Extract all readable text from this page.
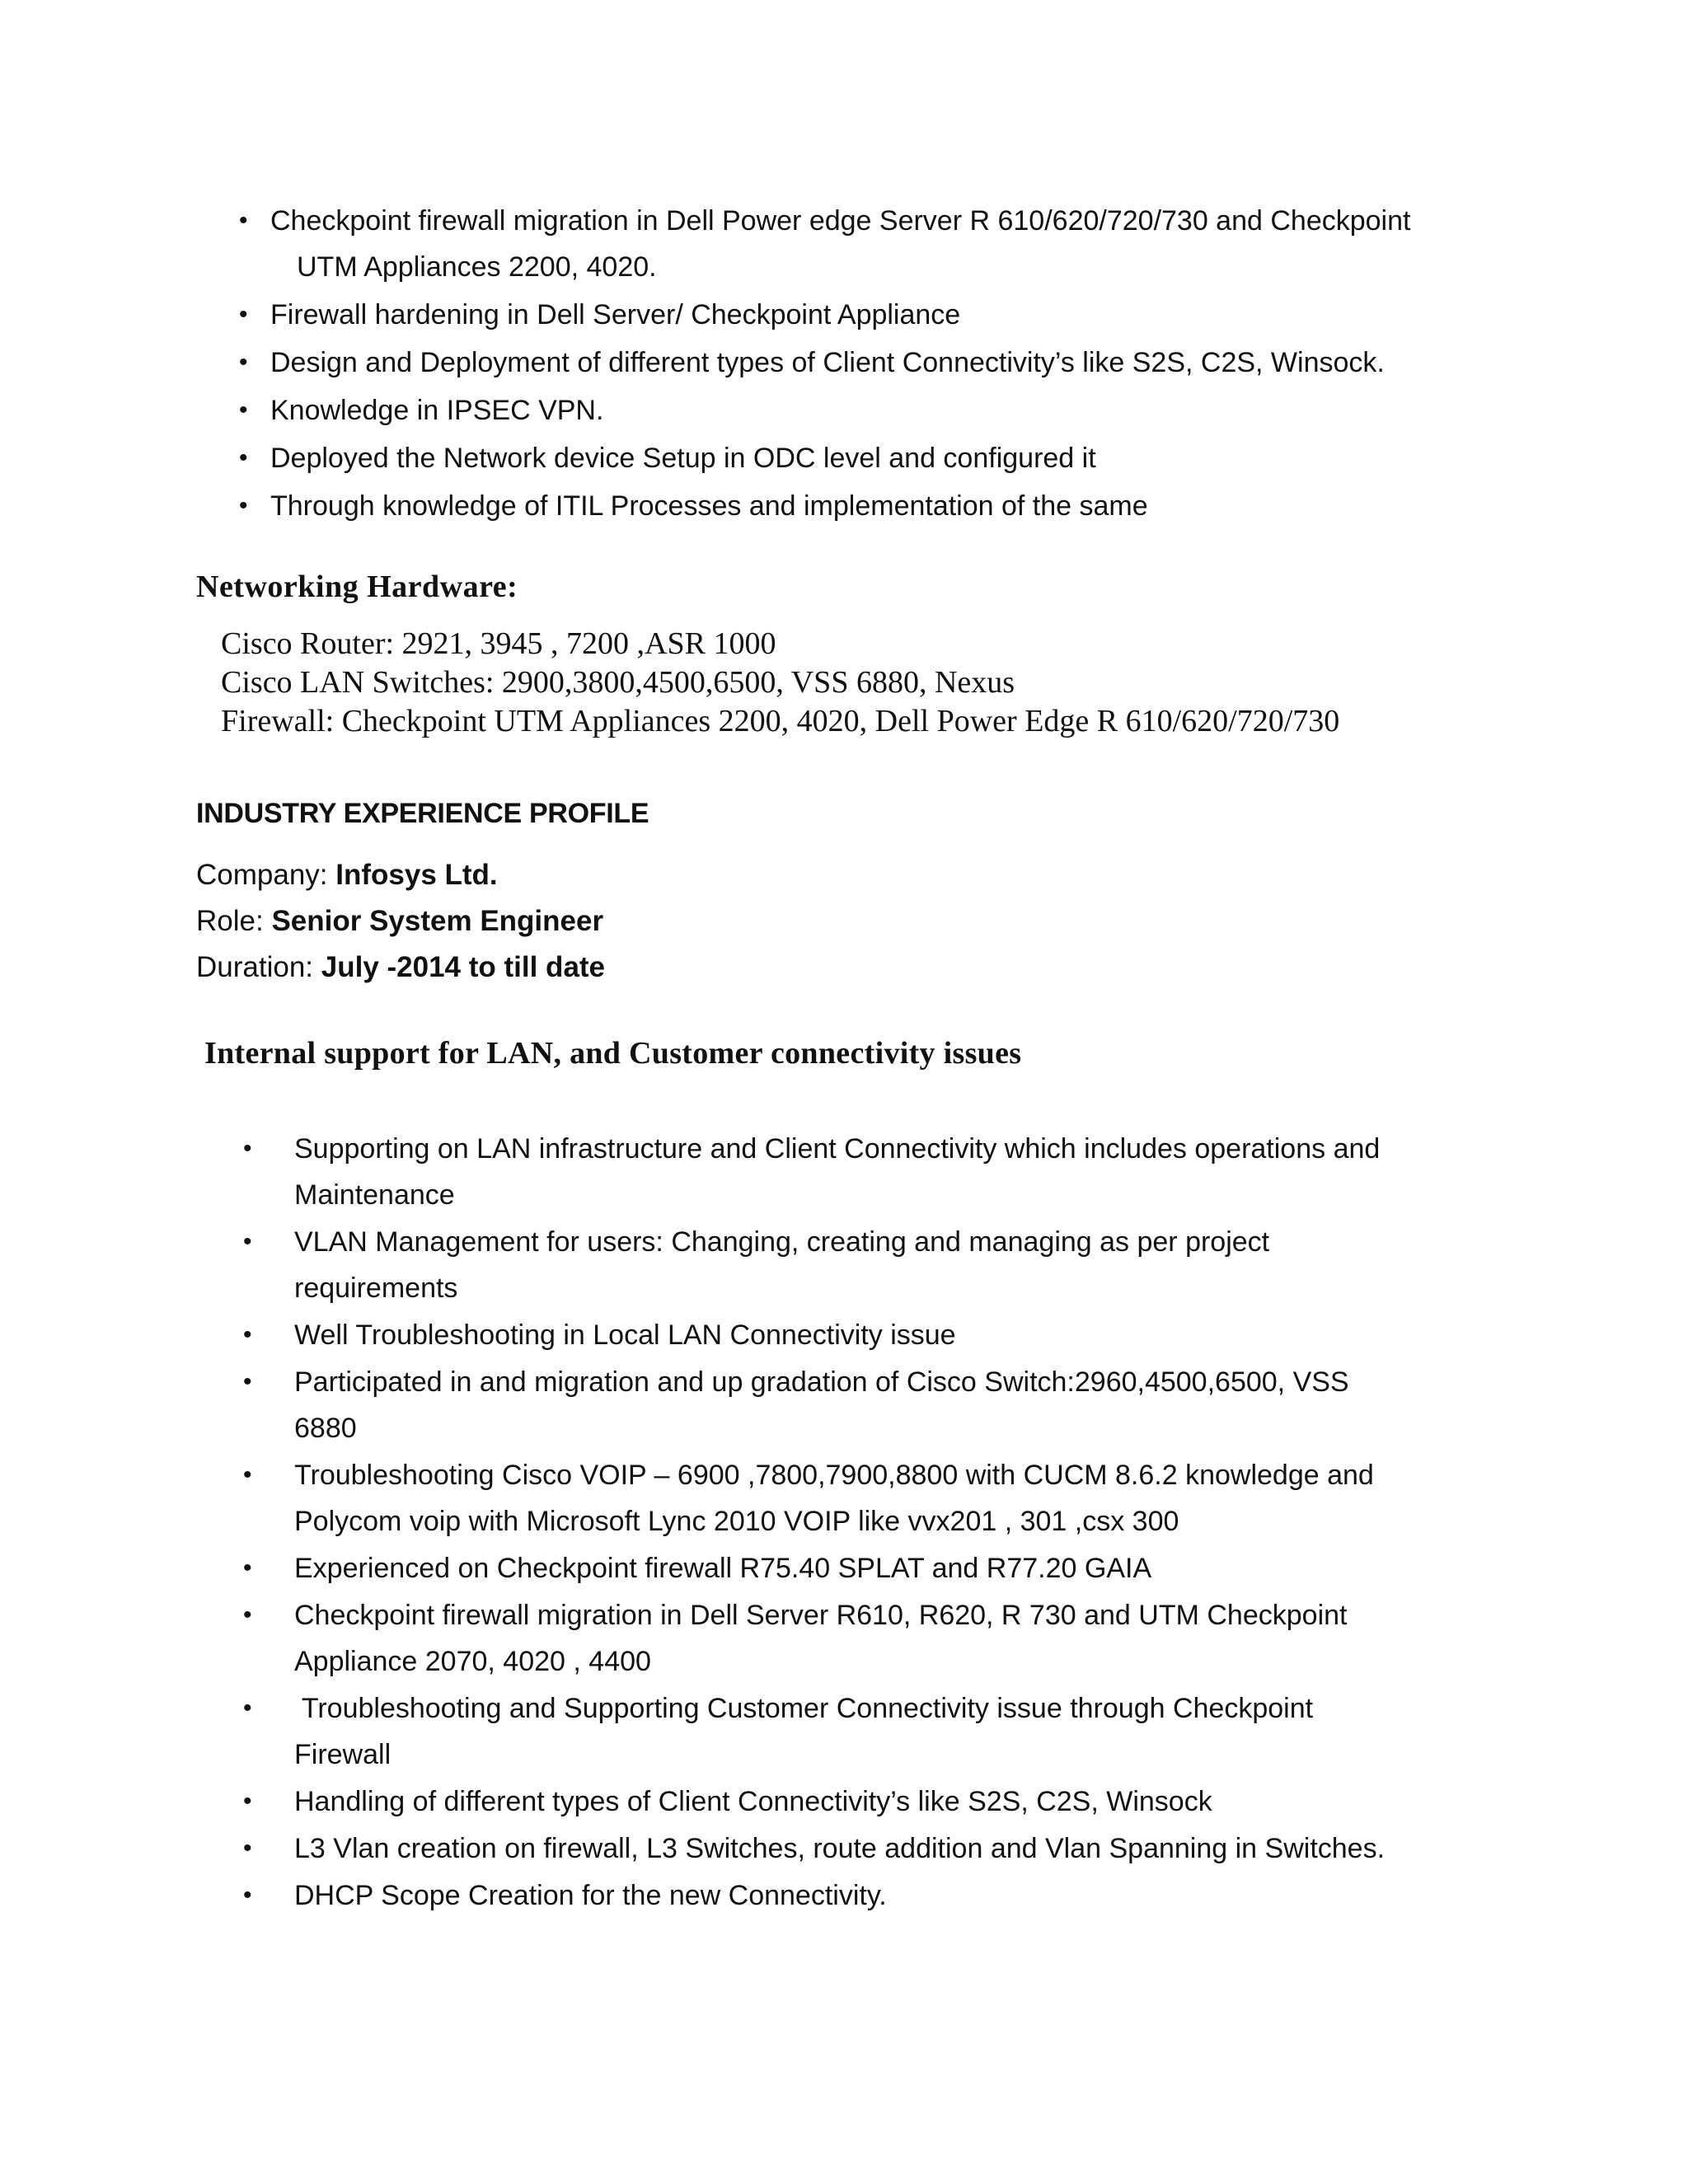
• Checkpoint firewall migration in Dell Power edge Server R 610/620/720/730 and Checkpoint
UTM Appliances 2200, 4020.
• Firewall hardening in Dell Server/ Checkpoint Appliance
• Design and Deployment of different types of Client Connectivity’s like S2S, C2S, Winsock.
• Knowledge in IPSEC VPN.
• Deployed the Network device Setup in ODC level and configured it
• Through knowledge of ITIL Processes and implementation of the same
Networking Hardware:
Cisco Router: 2921, 3945 , 7200 ,ASR 1000
Cisco LAN Switches: 2900,3800,4500,6500, VSS 6880, Nexus
Firewall: Checkpoint UTM Appliances 2200, 4020, Dell Power Edge R 610/620/720/730
INDUSTRY EXPERIENCE PROFILE
Company: Infosys Ltd.
Role: Senior System Engineer
Duration: July -2014 to till date
Internal support for LAN, and Customer connectivity issues
• Supporting on LAN infrastructure and Client Connectivity which includes operations and
Maintenance
• VLAN Management for users: Changing, creating and managing as per project
requirements
• Well Troubleshooting in Local LAN Connectivity issue
• Participated in and migration and up gradation of Cisco Switch:2960,4500,6500, VSS
6880
• Troubleshooting Cisco VOIP – 6900 ,7800,7900,8800 with CUCM 8.6.2 knowledge and
Polycom voip with Microsoft Lync 2010 VOIP like vvx201 , 301 ,csx 300
• Experienced on Checkpoint firewall R75.40 SPLAT and R77.20 GAIA
• Checkpoint firewall migration in Dell Server R610, R620, R 730 and UTM Checkpoint
Appliance 2070, 4020 , 4400
• Troubleshooting and Supporting Customer Connectivity issue through Checkpoint
Firewall
• Handling of different types of Client Connectivity’s like S2S, C2S, Winsock
• L3 Vlan creation on firewall, L3 Switches, route addition and Vlan Spanning in Switches.
• DHCP Scope Creation for the new Connectivity.
